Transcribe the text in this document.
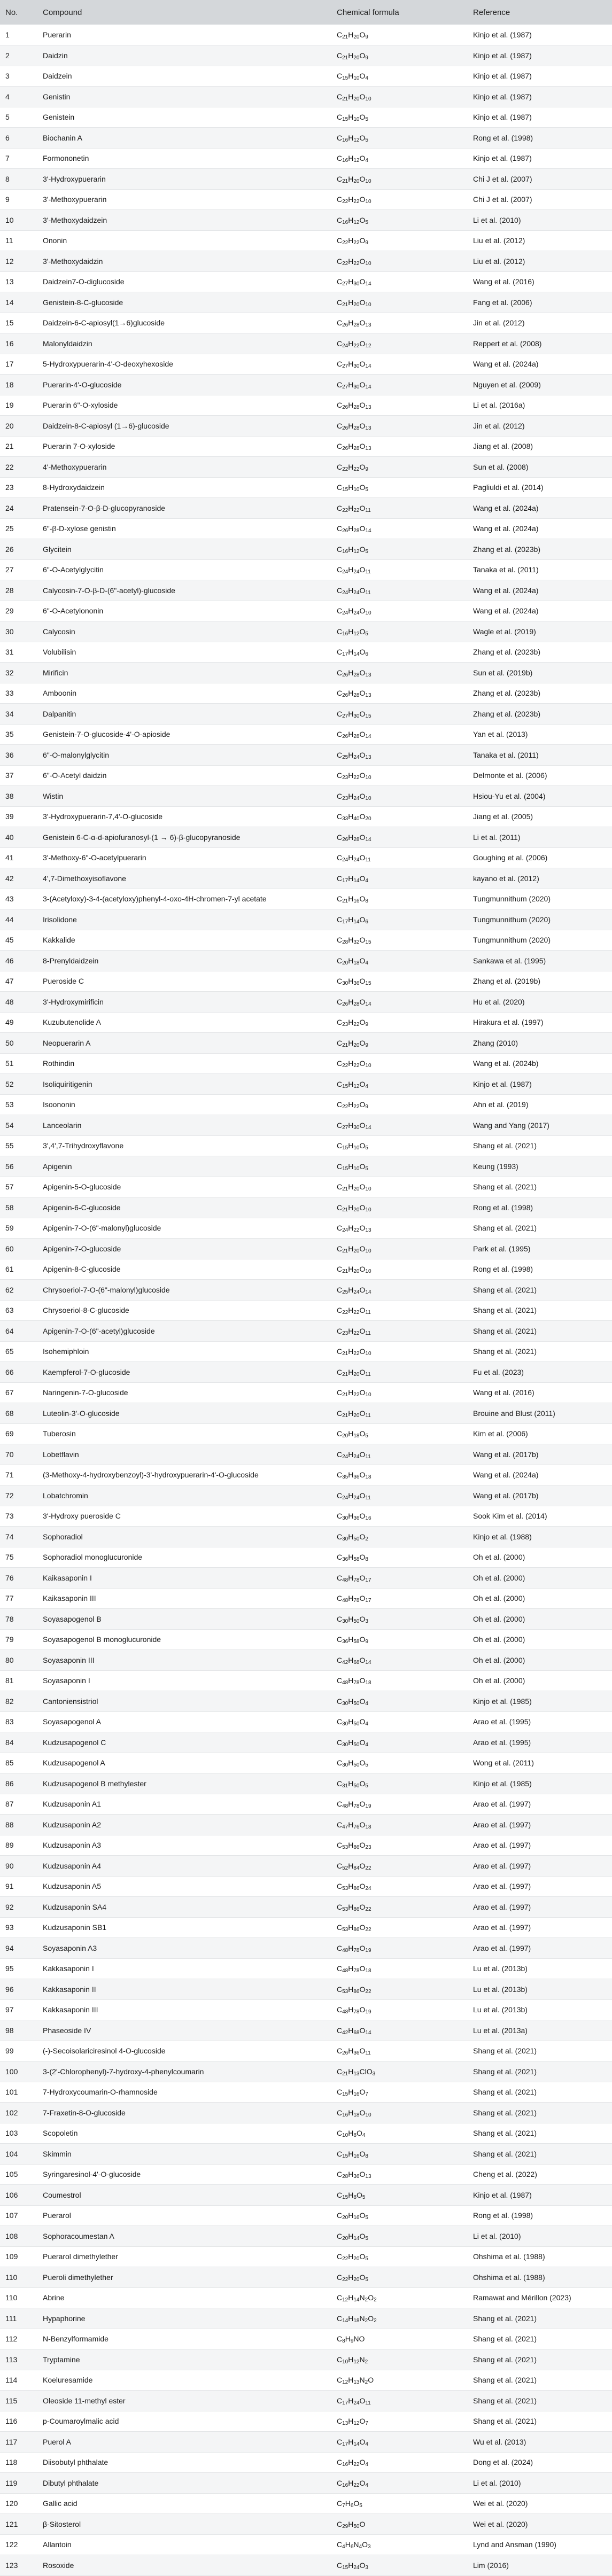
No.	Compound	Chemical formula	Reference
1	Puerarin	$C_{21}H_{20}O_9$	Kinjo et al. (1987)
2	Daidzin	$C_{21}H_{20}O_9$	Kinjo et al. (1987)
3	Daidzein	$C_{15}H_{10}O_4$	Kinjo et al. (1987)
4	Genistin	$C_{21}H_{20}O_{10}$	Kinjo et al. (1987)
5	Genistein	$C_{15}H_{10}O_5$	Kinjo et al. (1987)
6	Biochanin A	$C_{16}H_{12}O_5$	Rong et al. (1998)
7	Formononetin	$C_{16}H_{12}O_4$	Kinjo et al. (1987)
8	3'-Hydroxypuerarin	$C_{21}H_{20}O_{10}$	Chi J et al. (2007)
9	3'-Methoxypuerarin	$C_{22}H_{22}O_{10}$	Chi J et al. (2007)
10	3'-Methoxydaidzein	$C_{16}H_{12}O_5$	Li et al. (2010)
11	Ononin	$C_{22}H_{22}O_9$	Liu et al. (2012)
12	3'-Methoxydaidzin	$C_{22}H_{22}O_{10}$	Liu et al. (2012)
13	Daidzein7-O-diglucoside	$C_{27}H_{30}O_{14}$	Wang et al. (2016)
14	Genistein-8-C-glucoside	$C_{21}H_{20}O_{10}$	Fang et al. (2006)
15	Daidzein-6-C-apiosyl(1→6)glucoside	$C_{26}H_{28}O_{13}$	Jin et al. (2012)
16	Malonyldaidzin	$C_{24}H_{22}O_{12}$	Reppert et al. (2008)
17	5-Hydroxypuerarin-4'-O-deoxyhexoside	$C_{27}H_{30}O_{14}$	Wang et al. (2024a)
18	Puerarin-4'-O-glucoside	$C_{27}H_{30}O_{14}$	Nguyen et al. (2009)
19	Puerarin 6"-O-xyloside	$C_{26}H_{28}O_{13}$	Li et al. (2016a)
20	Daidzein-8-C-apiosyl (1→6)-glucoside	$C_{26}H_{28}O_{13}$	Jin et al. (2012)
21	Puerarin 7-O-xyloside	$C_{26}H_{28}O_{13}$	Jiang et al. (2008)
22	4'-Methoxypuerarin	$C_{22}H_{22}O_9$	Sun et al. (2008)
23	8-Hydroxydaidzein	$C_{15}H_{10}O_5$	Pagliuldi et al. (2014)
24	Pratensein-7-O-β-D-glucopyranoside	$C_{22}H_{22}O_{11}$	Wang et al. (2024a)
25	6"-β-D-xylose genistin	$C_{26}H_{28}O_{14}$	Wang et al. (2024a)
26	Glycitein	$C_{16}H_{12}O_5$	Zhang et al. (2023b)
27	6"-O-Acetylglycitin	$C_{24}H_{24}O_{11}$	Tanaka et al. (2011)
28	Calycosin-7-O-β-D-(6"-acetyl)-glucoside	$C_{24}H_{24}O_{11}$	Wang et al. (2024a)
29	6"-O-Acetylononin	$C_{24}H_{24}O_{10}$	Wang et al. (2024a)
30	Calycosin	$C_{16}H_{12}O_5$	Wagle et al. (2019)
31	Volubilisin	$C_{17}H_{14}O_6$	Zhang et al. (2023b)
32	Mirificin	$C_{26}H_{28}O_{13}$	Sun et al. (2019b)
33	Amboonin	$C_{26}H_{28}O_{13}$	Zhang et al. (2023b)
34	Dalpanitin	$C_{27}H_{30}O_{15}$	Zhang et al. (2023b)
35	Genistein-7-O-glucoside-4'-O-apioside	$C_{26}H_{28}O_{14}$	Yan et al. (2013)
36	6"-O-malonylglycitin	$C_{25}H_{24}O_{13}$	Tanaka et al. (2011)
37	6"-O-Acetyl daidzin	$C_{23}H_{22}O_{10}$	Delmonte et al. (2006)
38	Wistin	$C_{23}H_{24}O_{10}$	Hsiou-Yu et al. (2004)
39	3'-Hydroxypuerarin-7,4'-O-glucoside	$C_{33}H_{40}O_{20}$	Jiang et al. (2005)
40	Genistein 6-C-α-d-apiofuranosyl-(1 → 6)-β-glucopyranoside	$C_{26}H_{28}O_{14}$	Li et al. (2011)
41	3'-Methoxy-6"-O-acetylpuerarin	$C_{24}H_{24}O_{11}$	Goughing et al. (2006)
42	4',7-Dimethoxyisoflavone	$C_{17}H_{14}O_4$	kayano et al. (2012)
43	3-(Acetyloxy)-3-4-(acetyloxy)phenyl-4-oxo-4H-chromen-7-yl acetate	$C_{21}H_{16}O_8$	Tungmunnithum (2020)
44	Irisolidone	$C_{17}H_{14}O_6$	Tungmunnithum (2020)
45	Kakkalide	$C_{28}H_{32}O_{15}$	Tungmunnithum (2020)
46	8-Prenyldaidzein	$C_{20}H_{18}O_4$	Sankawa et al. (1995)
47	Pueroside C	$C_{30}H_{36}O_{15}$	Zhang et al. (2019b)
48	3'-Hydroxymirificin	$C_{26}H_{28}O_{14}$	Hu et al. (2020)
49	Kuzubutenolide A	$C_{23}H_{22}O_9$	Hirakura et al. (1997)
50	Neopuerarin A	$C_{21}H_{20}O_9$	Zhang (2010)
51	Rothindin	$C_{22}H_{22}O_{10}$	Wang et al. (2024b)
52	Isoliquiritigenin	$C_{15}H_{12}O_4$	Kinjo et al. (1987)
53	Isoononin	$C_{22}H_{22}O_9$	Ahn et al. (2019)
54	Lanceolarin	$C_{27}H_{30}O_{14}$	Wang and Yang (2017)
55	3',4',7-Trihydroxyflavone	$C_{15}H_{10}O_5$	Shang et al. (2021)
56	Apigenin	$C_{15}H_{10}O_5$	Keung (1993)
57	Apigenin-5-O-glucoside	$C_{21}H_{20}O_{10}$	Shang et al. (2021)
58	Apigenin-6-C-glucoside	$C_{21}H_{20}O_{10}$	Rong et al. (1998)
59	Apigenin-7-O-(6"-malonyl)glucoside	$C_{24}H_{22}O_{13}$	Shang et al. (2021)
60	Apigenin-7-O-glucoside	$C_{21}H_{20}O_{10}$	Park et al. (1995)
61	Apigenin-8-C-glucoside	$C_{21}H_{20}O_{10}$	Rong et al. (1998)
62	Chrysoeriol-7-O-(6"-malonyl)glucoside	$C_{25}H_{24}O_{14}$	Shang et al. (2021)
63	Chrysoeriol-8-C-glucoside	$C_{22}H_{22}O_{11}$	Shang et al. (2021)
64	Apigenin-7-O-(6"-acetyl)glucoside	$C_{23}H_{22}O_{11}$	Shang et al. (2021)
65	Isohemiphloin	$C_{21}H_{22}O_{10}$	Shang et al. (2021)
66	Kaempferol-7-O-glucoside	$C_{21}H_{20}O_{11}$	Fu et al. (2023)
67	Naringenin-7-O-glucoside	$C_{21}H_{22}O_{10}$	Wang et al. (2016)
68	Luteolin-3'-O-glucoside	$C_{21}H_{20}O_{11}$	Brouine and Blust (2011)
69	Tuberosin	$C_{20}H_{18}O_5$	Kim et al. (2006)
70	Lobetflavin	$C_{24}H_{24}O_{11}$	Wang et al. (2017b)
71	(3-Methoxy-4-hydroxybenzoyl)-3'-hydroxypuerarin-4'-O-glucoside	$C_{35}H_{36}O_{18}$	Wang et al. (2024a)
72	Lobatchromin	$C_{24}H_{24}O_{11}$	Wang et al. (2017b)
73	3'-Hydroxy pueroside C	$C_{30}H_{36}O_{16}$	Sook Kim et al. (2014)
74	Sophoradiol	$C_{30}H_{50}O_2$	Kinjo et al. (1988)
75	Sophoradiol monoglucuronide	$C_{36}H_{58}O_8$	Oh et al. (2000)
76	Kaikasaponin I	$C_{48}H_{78}O_{17}$	Oh et al. (2000)
77	Kaikasaponin III	$C_{48}H_{78}O_{17}$	Oh et al. (2000)
78	Soyasapogenol B	$C_{30}H_{50}O_3$	Oh et al. (2000)
79	Soyasapogenol B monoglucuronide	$C_{36}H_{58}O_9$	Oh et al. (2000)
80	Soyasaponin III	$C_{42}H_{68}O_{14}$	Oh et al. (2000)
81	Soyasaponin I	$C_{48}H_{78}O_{18}$	Oh et al. (2000)
82	Cantoniensistriol	$C_{30}H_{50}O_4$	Kinjo et al. (1985)
83	Soyasapogenol A	$C_{30}H_{50}O_4$	Arao et al. (1995)
84	Kudzusapogenol C	$C_{30}H_{50}O_4$	Arao et al. (1995)
85	Kudzusapogenol A	$C_{30}H_{50}O_5$	Wong et al. (2011)
86	Kudzusapogenol B methylester	$C_{31}H_{50}O_5$	Kinjo et al. (1985)
87	Kudzusaponin A1	$C_{48}H_{78}O_{19}$	Arao et al. (1997)
88	Kudzusaponin A2	$C_{47}H_{76}O_{18}$	Arao et al. (1997)
89	Kudzusaponin A3	$C_{53}H_{86}O_{23}$	Arao et al. (1997)
90	Kudzusaponin A4	$C_{52}H_{84}O_{22}$	Arao et al. (1997)
91	Kudzusaponin A5	$C_{53}H_{86}O_{24}$	Arao et al. (1997)
92	Kudzusaponin SA4	$C_{53}H_{86}O_{22}$	Arao et al. (1997)
93	Kudzusaponin SB1	$C_{53}H_{86}O_{22}$	Arao et al. (1997)
94	Soyasaponin A3	$C_{48}H_{78}O_{19}$	Arao et al. (1997)
95	Kakkasaponin I	$C_{48}H_{78}O_{18}$	Lu et al. (2013b)
96	Kakkasaponin II	$C_{53}H_{86}O_{22}$	Lu et al. (2013b)
97	Kakkasaponin III	$C_{48}H_{78}O_{19}$	Lu et al. (2013b)
98	Phaseoside IV	$C_{42}H_{68}O_{14}$	Lu et al. (2013a)
99	(-)-Secoisolariciresinol 4-O-glucoside	$C_{26}H_{36}O_{11}$	Shang et al. (2021)
100	3-(2'-Chlorophenyl)-7-hydroxy-4-phenylcoumarin	$C_{21}H_{13}ClO_3$	Shang et al. (2021)
101	7-Hydroxycoumarin-O-rhamnoside	$C_{15}H_{16}O_7$	Shang et al. (2021)
102	7-Fraxetin-8-O-glucoside	$C_{16}H_{18}O_{10}$	Shang et al. (2021)
103	Scopoletin	$C_{10}H_8O_4$	Shang et al. (2021)
104	Skimmin	$C_{15}H_{16}O_8$	Shang et al. (2021)
105	Syringaresinol-4'-O-glucoside	$C_{28}H_{36}O_{13}$	Cheng et al. (2022)
106	Coumestrol	$C_{15}H_8O_5$	Kinjo et al. (1987)
107	Puerarol	$C_{20}H_{16}O_5$	Rong et al. (1998)
108	Sophoracoumestan A	$C_{20}H_{14}O_5$	Li et al. (2010)
109	Puerarol dimethylether	$C_{22}H_{20}O_5$	Ohshima et al. (1988)
110	Pueroli dimethylether	$C_{22}H_{20}O_5$	Ohshima et al. (1988)
110	Abrine	$C_{12}H_{14}N_2O_2$	Ramawat and Mérillon (2023)
111	Hypaphorine	$C_{14}H_{18}N_2O_2$	Shang et al. (2021)
112	N-Benzylformamide	$C_8H_9NO$	Shang et al. (2021)
113	Tryptamine	$C_{10}H_{12}N_2$	Shang et al. (2021)
114	Koeluresamide	$C_{12}H_{13}N_2O$	Shang et al. (2021)
115	Oleoside 11-methyl ester	$C_{17}H_{24}O_{11}$	Shang et al. (2021)
116	p-Coumaroylmalic acid	$C_{13}H_{12}O_7$	Shang et al. (2021)
117	Puerol A	$C_{17}H_{14}O_4$	Wu et al. (2013)
118	Diisobutyl phthalate	$C_{16}H_{22}O_4$	Dong et al. (2024)
119	Dibutyl phthalate	$C_{16}H_{22}O_4$	Li et al. (2010)
120	Gallic acid	$C_7H_6O_5$	Wei et al. (2020)
121	β-Sitosterol	$C_{29}H_{50}O$	Wei et al. (2020)
122	Allantoin	$C_4H_6N_4O_3$	Lynd and Ansman (1990)
123	Rosoxide	$C_{15}H_{24}O_3$	Lim (2016)
